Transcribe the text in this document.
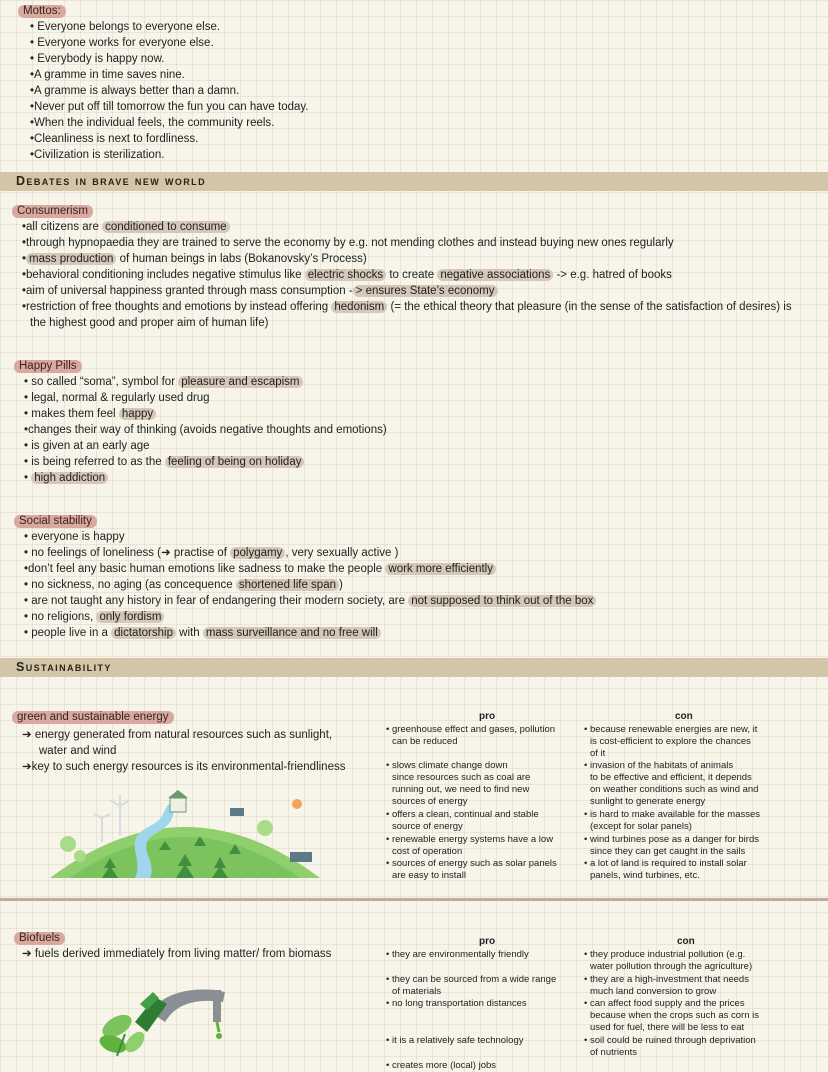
Mottos:
• Everyone belongs to everyone else.
• Everyone works for everyone else.
• Everybody is happy now.
•A gramme in time saves nine.
•A gramme is always better than a damn.
•Never put off till tomorrow the fun you can have today.
•When the individual feels, the community reels.
•Cleanliness is next to fordliness.
•Civilization is sterilization.
Debates in brave new world
Consumerism
•all citizens are conditioned to consume
•through hypnopaedia they are trained to serve the economy by e.g. not mending clothes and instead buying new ones regularly
• mass production of human beings in labs (Bokanovsky’s Process)
•behavioral conditioning includes negative stimulus like electric shocks to create negative associations -> e.g. hatred of books
•aim of universal happiness granted through mass consumption - > ensures State’s economy
•restriction of free thoughts and emotions by instead offering hedonism (= the ethical theory that pleasure (in the sense of the satisfaction of desires) is
the highest good and proper aim of human life)
Happy Pills
• so called “soma”, symbol for pleasure and escapism
• legal, normal & regularly used drug
• makes them feel happy
•changes their way of thinking (avoids negative thoughts and emotions)
• is given at an early age
• is being referred to as the feeling of being on holiday
• high addiction
Social stability
• everyone is happy
• no feelings of loneliness (➜ practise of polygamy , very sexually active )
•don’t feel any basic human emotions like sadness to make the people work more efficiently
• no sickness, no aging (as concequence shortened life span )
• are not taught any history in fear of endangering their modern society, are not supposed to think out of the box
• no religions, only fordism
• people live in a dictatorship with mass surveillance and no free will
Sustainability
green and sustainable energy
➔ energy generated from natural resources such as sunlight,
water and wind
➔key to such energy resources is its environmental-friendliness
pro	con
• greenhouse effect and gases, pollution
can be reduced
• slows climate change down
since resources such as coal are
running out, we need to find new
sources of energy
• offers a clean, continual and stable
source of energy
• renewable energy systems have a low
cost of operation
• sources of energy such as solar panels
are easy to install
• because renewable energies are new, it
is cost-efficient to explore the chances
of it
• invasion of the habitats of animals
to be effective and efficient, it depends
on weather conditions such as wind and
sunlight to generate energy
• is hard to make available for the masses
(except for solar panels)
• wind turbines pose as a danger for birds
since they can get caught in the sails
• a lot of land is required to install solar
panels, wind turbines, etc.
Biofuels
➔ fuels derived immediately from living matter/ from biomass
pro	con
• they are environmentally friendly
• they can be sourced from a wide range
of materials
• no long transportation distances
• it is a relatively safe technology
• creates more (local) jobs
• they produce industrial pollution (e.g.
water pollution through the agriculture)
• they are a high-investment that needs
much land conversion to grow
• can affect food supply and the prices
because when the crops such as corn is
used for fuel, there will be less to eat
• soil could be ruined through deprivation
of nutrients
